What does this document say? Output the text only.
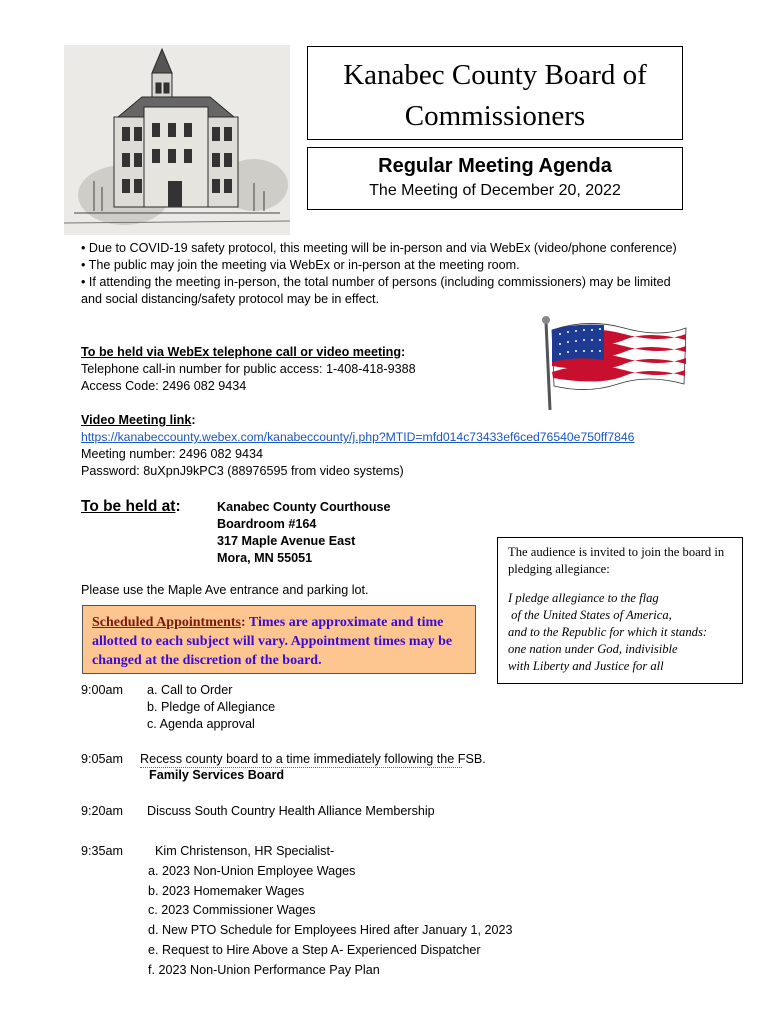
Kanabec County Board of Commissioners
Regular Meeting Agenda
The Meeting of December 20, 2022
• Due to COVID-19 safety protocol, this meeting will be in-person and via WebEx (video/phone conference)
• The public may join the meeting via WebEx or in-person at the meeting room.
• If attending the meeting in-person, the total number of persons (including commissioners) may be limited and social distancing/safety protocol may be in effect.
To be held via WebEx telephone call or video meeting:
Telephone call-in number for public access: 1-408-418-9388
Access Code: 2496 082 9434
Video Meeting link:
https://kanabeccounty.webex.com/kanabeccounty/j.php?MTID=mfd014c73433ef6ced76540e750ff7846
Meeting number: 2496 082 9434
Password: 8uXpnJ9kPC3 (88976595 from video systems)
To be held at:	Kanabec County Courthouse
Boardroom #164
317 Maple Avenue East
Mora, MN 55051
Please use the Maple Ave entrance and parking lot.
Scheduled Appointments: Times are approximate and time allotted to each subject will vary. Appointment times may be changed at the discretion of the board.
The audience is invited to join the board in pledging allegiance:
I pledge allegiance to the flag
of the United States of America,
and to the Republic for which it stands:
one nation under God, indivisible
with Liberty and Justice for all
9:00am a. Call to Order
b. Pledge of Allegiance
c. Agenda approval
9:05am Recess county board to a time immediately following the FSB.
Family Services Board
9:20am Discuss South Country Health Alliance Membership
9:35am	Kim Christenson, HR Specialist-
a. 2023 Non-Union Employee Wages
b. 2023 Homemaker Wages
c. 2023 Commissioner Wages
d. New PTO Schedule for Employees Hired after January 1, 2023
e. Request to Hire Above a Step A- Experienced Dispatcher
f. 2023 Non-Union Performance Pay Plan
